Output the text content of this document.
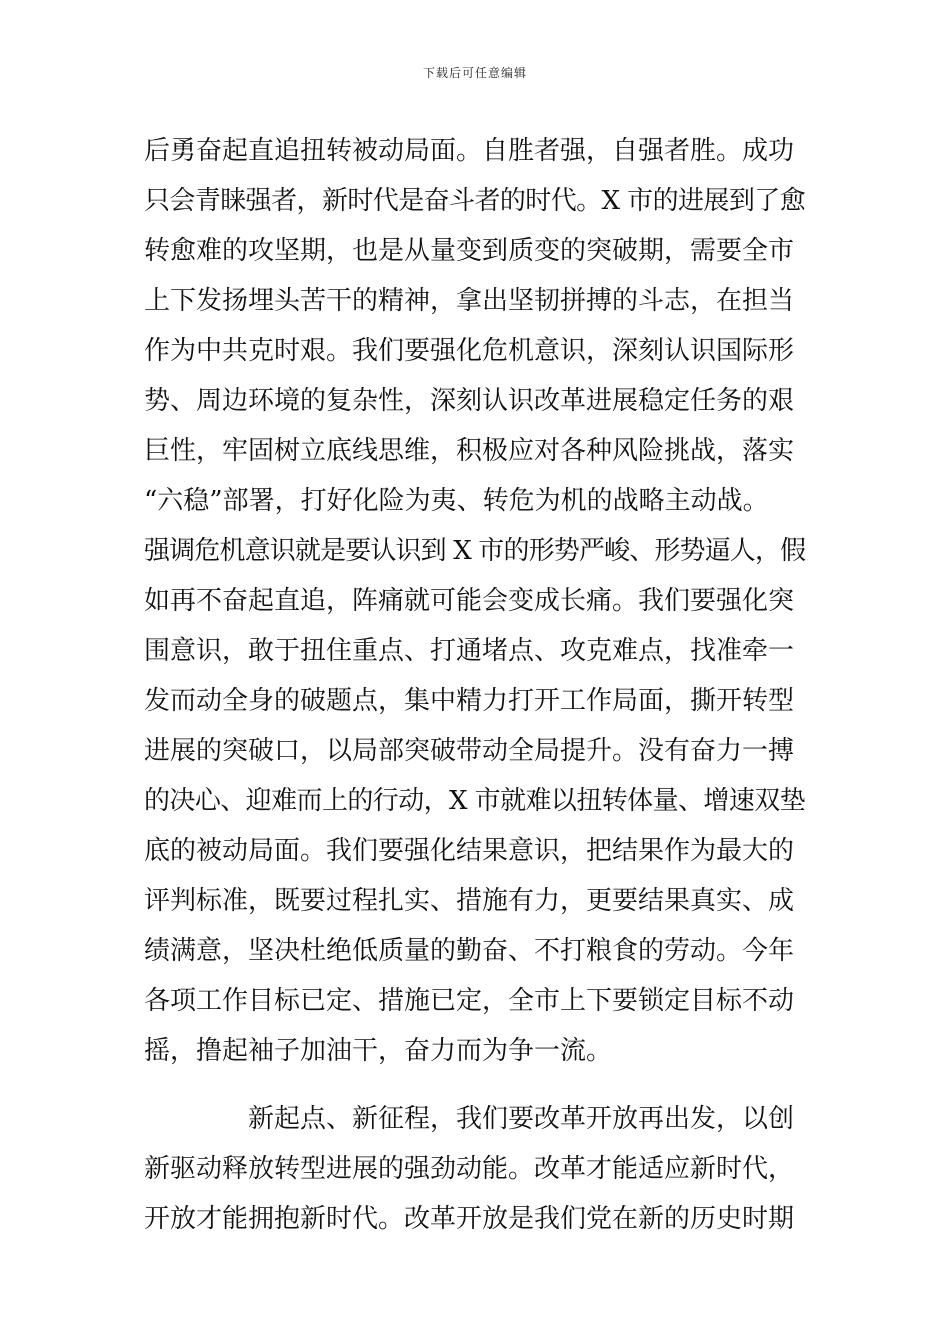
下载后可任意编辑
后勇奋起直追扭转被动局面。自胜者强，自强者胜。成功
只会青睐强者，新时代是奋斗者的时代。X 市的进展到了愈
转愈难的攻坚期，也是从量变到质变的突破期，需要全市
上下发扬埋头苦干的精神，拿出坚韧拼搏的斗志，在担当
作为中共克时艰。我们要强化危机意识，深刻认识国际形
势、周边环境的复杂性，深刻认识改革进展稳定任务的艰
巨性，牢固树立底线思维，积极应对各种风险挑战，落实
“六稳”部署，打好化险为夷、转危为机的战略主动战。
强调危机意识就是要认识到 X 市的形势严峻、形势逼人，假
如再不奋起直追，阵痛就可能会变成长痛。我们要强化突
围意识，敢于扭住重点、打通堵点、攻克难点，找准牵一
发而动全身的破题点，集中精力打开工作局面，撕开转型
进展的突破口，以局部突破带动全局提升。没有奋力一搏
的决心、迎难而上的行动，X 市就难以扭转体量、增速双垫
底的被动局面。我们要强化结果意识，把结果作为最大的
评判标准，既要过程扎实、措施有力，更要结果真实、成
绩满意，坚决杜绝低质量的勤奋、不打粮食的劳动。今年
各项工作目标已定、措施已定，全市上下要锁定目标不动
摇，撸起袖子加油干，奋力而为争一流。
新起点、新征程，我们要改革开放再出发，以创
新驱动释放转型进展的强劲动能。改革才能适应新时代，
开放才能拥抱新时代。改革开放是我们党在新的历史时期
